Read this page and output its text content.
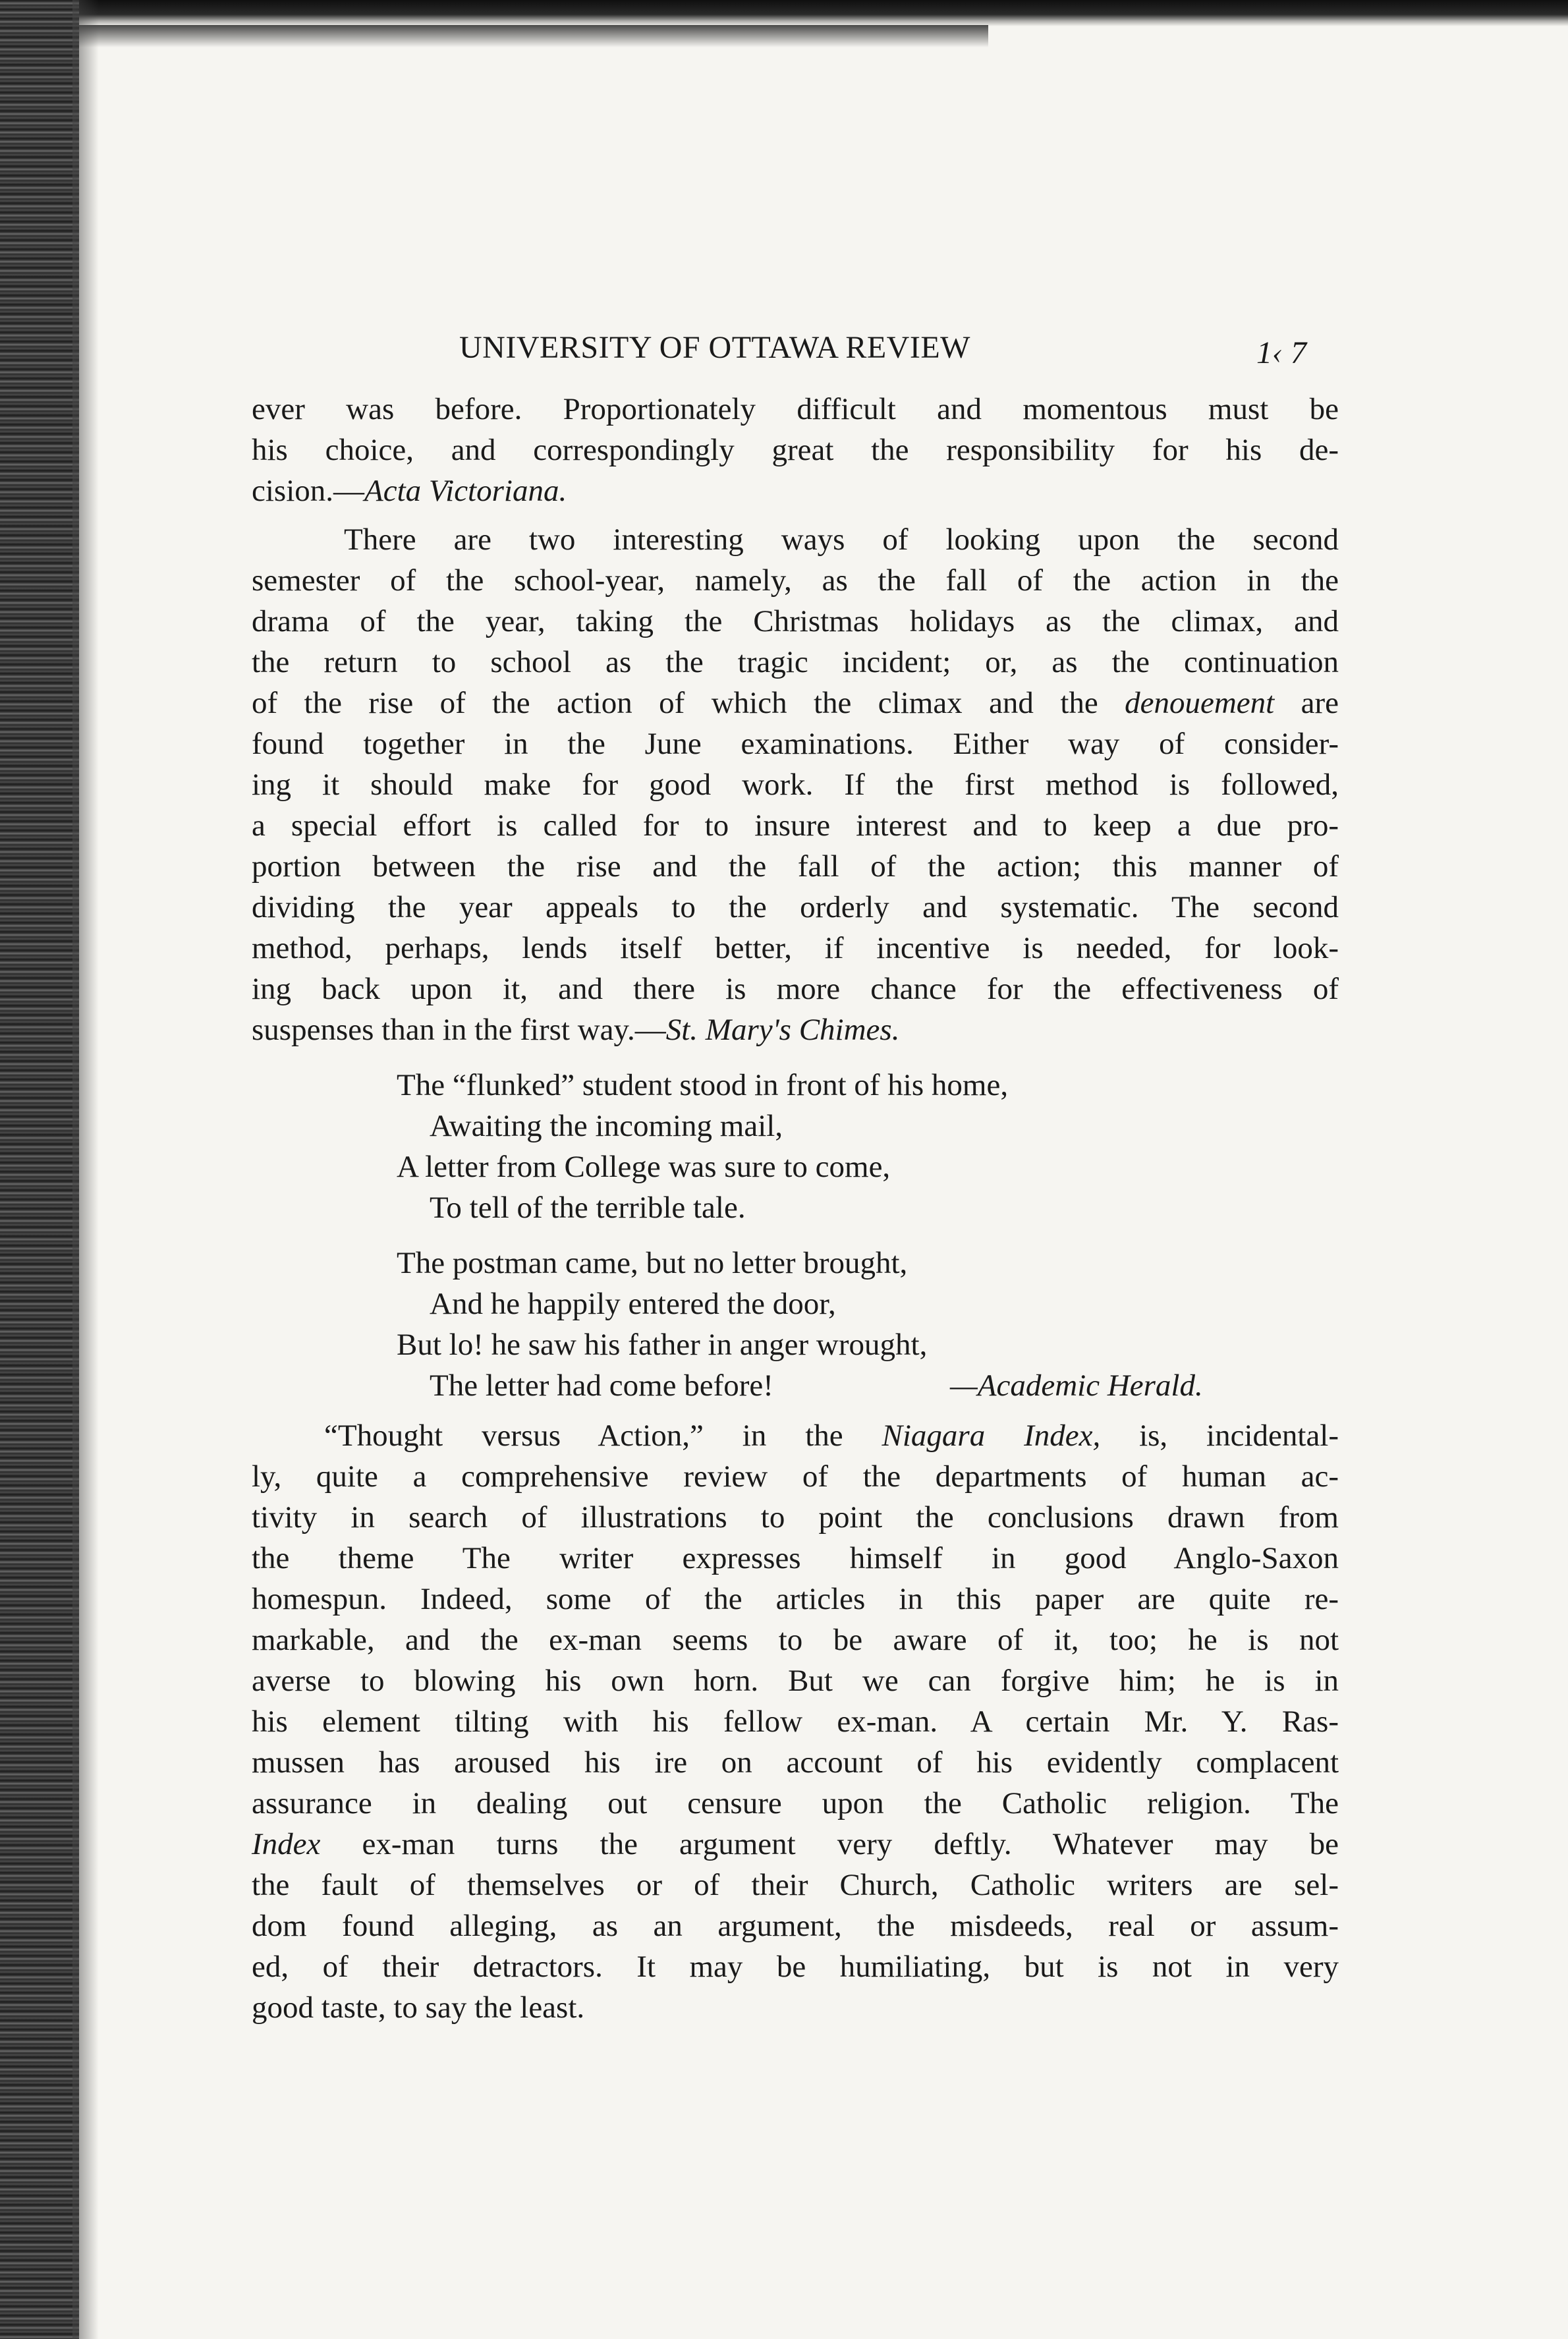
UNIVERSITY OF OTTAWA REVIEW	1‹ 7
ever was before. Proportionately difficult and momentous must be
his choice, and correspondingly great the responsibility for his de-
cision.—Acta Victoriana.
There are two interesting ways of looking upon the second
semester of the school-year, namely, as the fall of the action in the
drama of the year, taking the Christmas holidays as the climax, and
the return to school as the tragic incident; or, as the continuation
of the rise of the action of which the climax and the denouement are
found together in the June examinations. Either way of consider-
ing it should make for good work. If the first method is followed,
a special effort is called for to insure interest and to keep a due pro-
portion between the rise and the fall of the action; this manner of
dividing the year appeals to the orderly and systematic. The second
method, perhaps, lends itself better, if incentive is needed, for look-
ing back upon it, and there is more chance for the effectiveness of
suspenses than in the first way.—St. Mary's Chimes.
The “flunked” student stood in front of his home,
Awaiting the incoming mail,
A letter from College was sure to come,
To tell of the terrible tale.
The postman came, but no letter brought,
And he happily entered the door,
But lo! he saw his father in anger wrought,
The letter had come before!	—Academic Herald.
“Thought versus Action,” in the Niagara Index, is, incidental-
ly, quite a comprehensive review of the departments of human ac-
tivity in search of illustrations to point the conclusions drawn from
the theme The writer expresses himself in good Anglo-Saxon
homespun. Indeed, some of the articles in this paper are quite re-
markable, and the ex-man seems to be aware of it, too; he is not
averse to blowing his own horn. But we can forgive him; he is in
his element tilting with his fellow ex-man. A certain Mr. Y. Ras-
mussen has aroused his ire on account of his evidently complacent
assurance in dealing out censure upon the Catholic religion. The
Index ex-man turns the argument very deftly. Whatever may be
the fault of themselves or of their Church, Catholic writers are sel-
dom found alleging, as an argument, the misdeeds, real or assum-
ed, of their detractors. It may be humiliating, but is not in very
good taste, to say the least.
